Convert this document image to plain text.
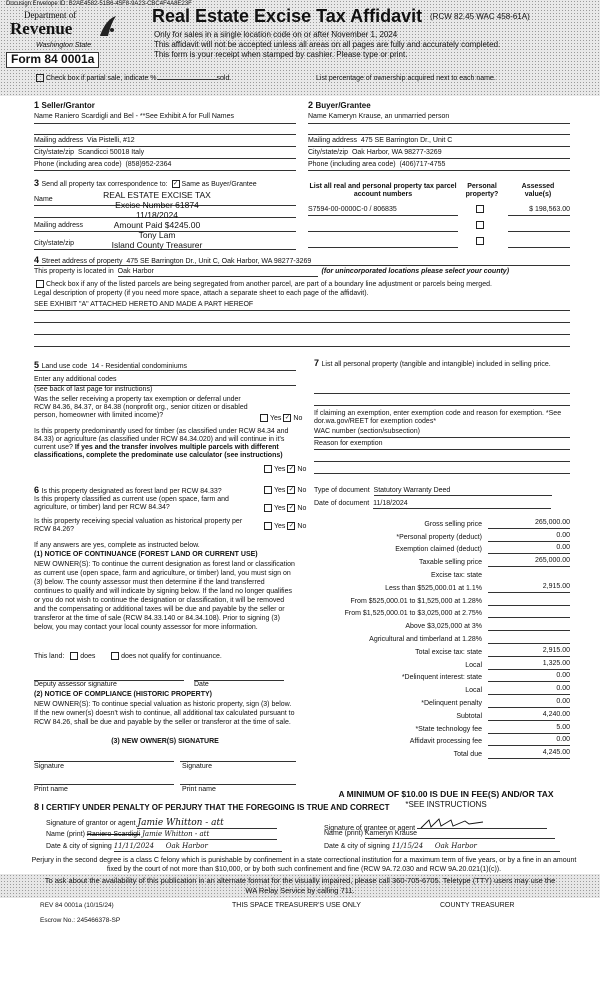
Docusign Envelope ID: B2AE4582-51B6-45F8-9A23-CBC4F4A8E23F
Department of
Revenue
Washington State
Form 84 0001a
Real Estate Excise Tax Affidavit (RCW 82.45 WAC 458-61A)
Only for sales in a single location code on or after November 1, 2024
This affidavit will not be accepted unless all areas on all pages are fully and accurately completed.
This form is your receipt when stamped by cashier. Please type or print.
Check box if partial sale, indicate %	sold.	List percentage of ownership acquired next to each name.
1 Seller/Grantor
Name Raniero Scardigli and Bel - **See Exhibit A for Full Names
Mailing address Via Pistelli, #12
City/state/zip Scandicci 50018 Italy
Phone (including area code) (858)952-2364
2 Buyer/Grantee
Name Kameryn Krause, an unmarried person
Mailing address 475 SE Barrington Dr., Unit C
City/state/zip Oak Harbor, WA 98277-3269
Phone (including area code) (406)717-4755
3 Send all property tax correspondence to: ✓ Same as Buyer/Grantee
Name
Mailing address
City/state/zip
REAL ESTATE EXCISE TAX
Excise Number 61874
11/18/2024
Amount Paid $4245.00
Tony Lam
Island County Treasurer
List all real and personal property tax parcel account numbers
Personal property?
Assessed value(s)
S7594-00-0000C-0 / 806835	$ 198,563.00
4 Street address of property 475 SE Barrington Dr., Unit C, Oak Harbor, WA 98277-3269
This property is located in Oak Harbor	(for unincorporated locations please select your county)
Check box if any of the listed parcels are being segregated from another parcel, are part of a boundary line adjustment or parcels being merged.
Legal description of property (if you need more space, attach a separate sheet to each page of the affidavit).
SEE EXHIBIT "A" ATTACHED HERETO AND MADE A PART HEREOF
5 Land use code 14 - Residential condominiums
Enter any additional codes
(see back of last page for instructions)
Was the seller receiving a property tax exemption or deferral under RCW 84.36, 84.37, or 84.38 (nonprofit org., senior citizen or disabled person, homeowner with limited income)?	Yes ✓ No
Is this property predominantly used for timber (as classified under RCW 84.34 and 84.33) or agriculture (as classified under RCW 84.34.020) and will continue in it's current use? If yes and the transfer involves multiple parcels with different classifications, complete the predominate use calculator (see instructions)
Yes ✓ No
7 List all personal property (tangible and intangible) included in selling price.
If claiming an exemption, enter exemption code and reason for exemption. *See dor.wa.gov/REET for exemption codes*
WAC number (section/subsection)
Reason for exemption
6 Is this property designated as forest land per RCW 84.33?	Yes ✓ No
Is this property classified as current use (open space, farm and agriculture, or timber) land per RCW 84.34?	Yes ✓ No
Is this property receiving special valuation as historical property per RCW 84.26?	Yes ✓ No
If any answers are yes, complete as instructed below.
(1) NOTICE OF CONTINUANCE (FOREST LAND OR CURRENT USE)
NEW OWNER(S): To continue the current designation as forest land or classification as current use (open space, farm and agriculture, or timber) land, you must sign on (3) below. The county assessor must then determine if the land transferred continues to qualify and will indicate by signing below. If the land no longer qualifies or you do not wish to continue the designation or classification, it will be removed and the compensating or additional taxes will be due and payable by the seller or transferor at the time of sale (RCW 84.33.140 or 84.34.108). Prior to signing (3) below, you may contact your local county assessor for more information.
This land: does	does not qualify for continuance.
Deputy assessor signature	Date
(2) NOTICE OF COMPLIANCE (HISTORIC PROPERTY)
NEW OWNER(S): To continue special valuation as historic property, sign (3) below. If the new owner(s) doesn't wish to continue, all additional tax calculated pursuant to RCW 84.26, shall be due and payable by the seller or transferor at the time of sale.
(3) NEW OWNER(S) SIGNATURE
Signature	Signature
Print name	Print name
Type of document Statutory Warranty Deed
Date of document 11/18/2024
Gross selling price	265,000.00
*Personal property (deduct)	0.00
Exemption claimed (deduct)	0.00
Taxable selling price	265,000.00
Excise tax: state
Less than $525,000.01 at 1.1%	2,915.00
From $525,000.01 to $1,525,000 at 1.28%
From $1,525,000.01 to $3,025,000 at 2.75%
Above $3,025,000 at 3%
Agricultural and timberland at 1.28%
Total excise tax: state	2,915.00
Local	1,325.00
*Delinquent interest: state	0.00
Local	0.00
*Delinquent penalty	0.00
Subtotal	4,240.00
*State technology fee	5.00
Affidavit processing fee	0.00
Total due	4,245.00
A MINIMUM OF $10.00 IS DUE IN FEE(S) AND/OR TAX
*SEE INSTRUCTIONS
8 I CERTIFY UNDER PENALTY OF PERJURY THAT THE FOREGOING IS TRUE AND CORRECT
Signature of grantor or agent Jamie Whitton - att
Name (print) Raniero Scardigli Jamie Whitton - att
Date & city of signing 11/11/2024 Oak Harbor
Signature of grantee or agent
Name (print) Kameryn Krause
Date & city of signing 11/15/24 Oak Harbor
Perjury in the second degree is a class C felony which is punishable by confinement in a state correctional institution for a maximum term of five years, or by a fine in an amount fixed by the court of not more than $10,000, or by both such confinement and fine (RCW 9A.72.030 and RCW 9A.20.021(1)(c)).
To ask about the availability of this publication in an alternate format for the visually impaired, please call 360-705-6705. Teletype (TTY) users may use the WA Relay Service by calling 711.
REV 84 0001a (10/15/24)	THIS SPACE TREASURER'S USE ONLY	COUNTY TREASURER
Escrow No.: 245466378-SP
